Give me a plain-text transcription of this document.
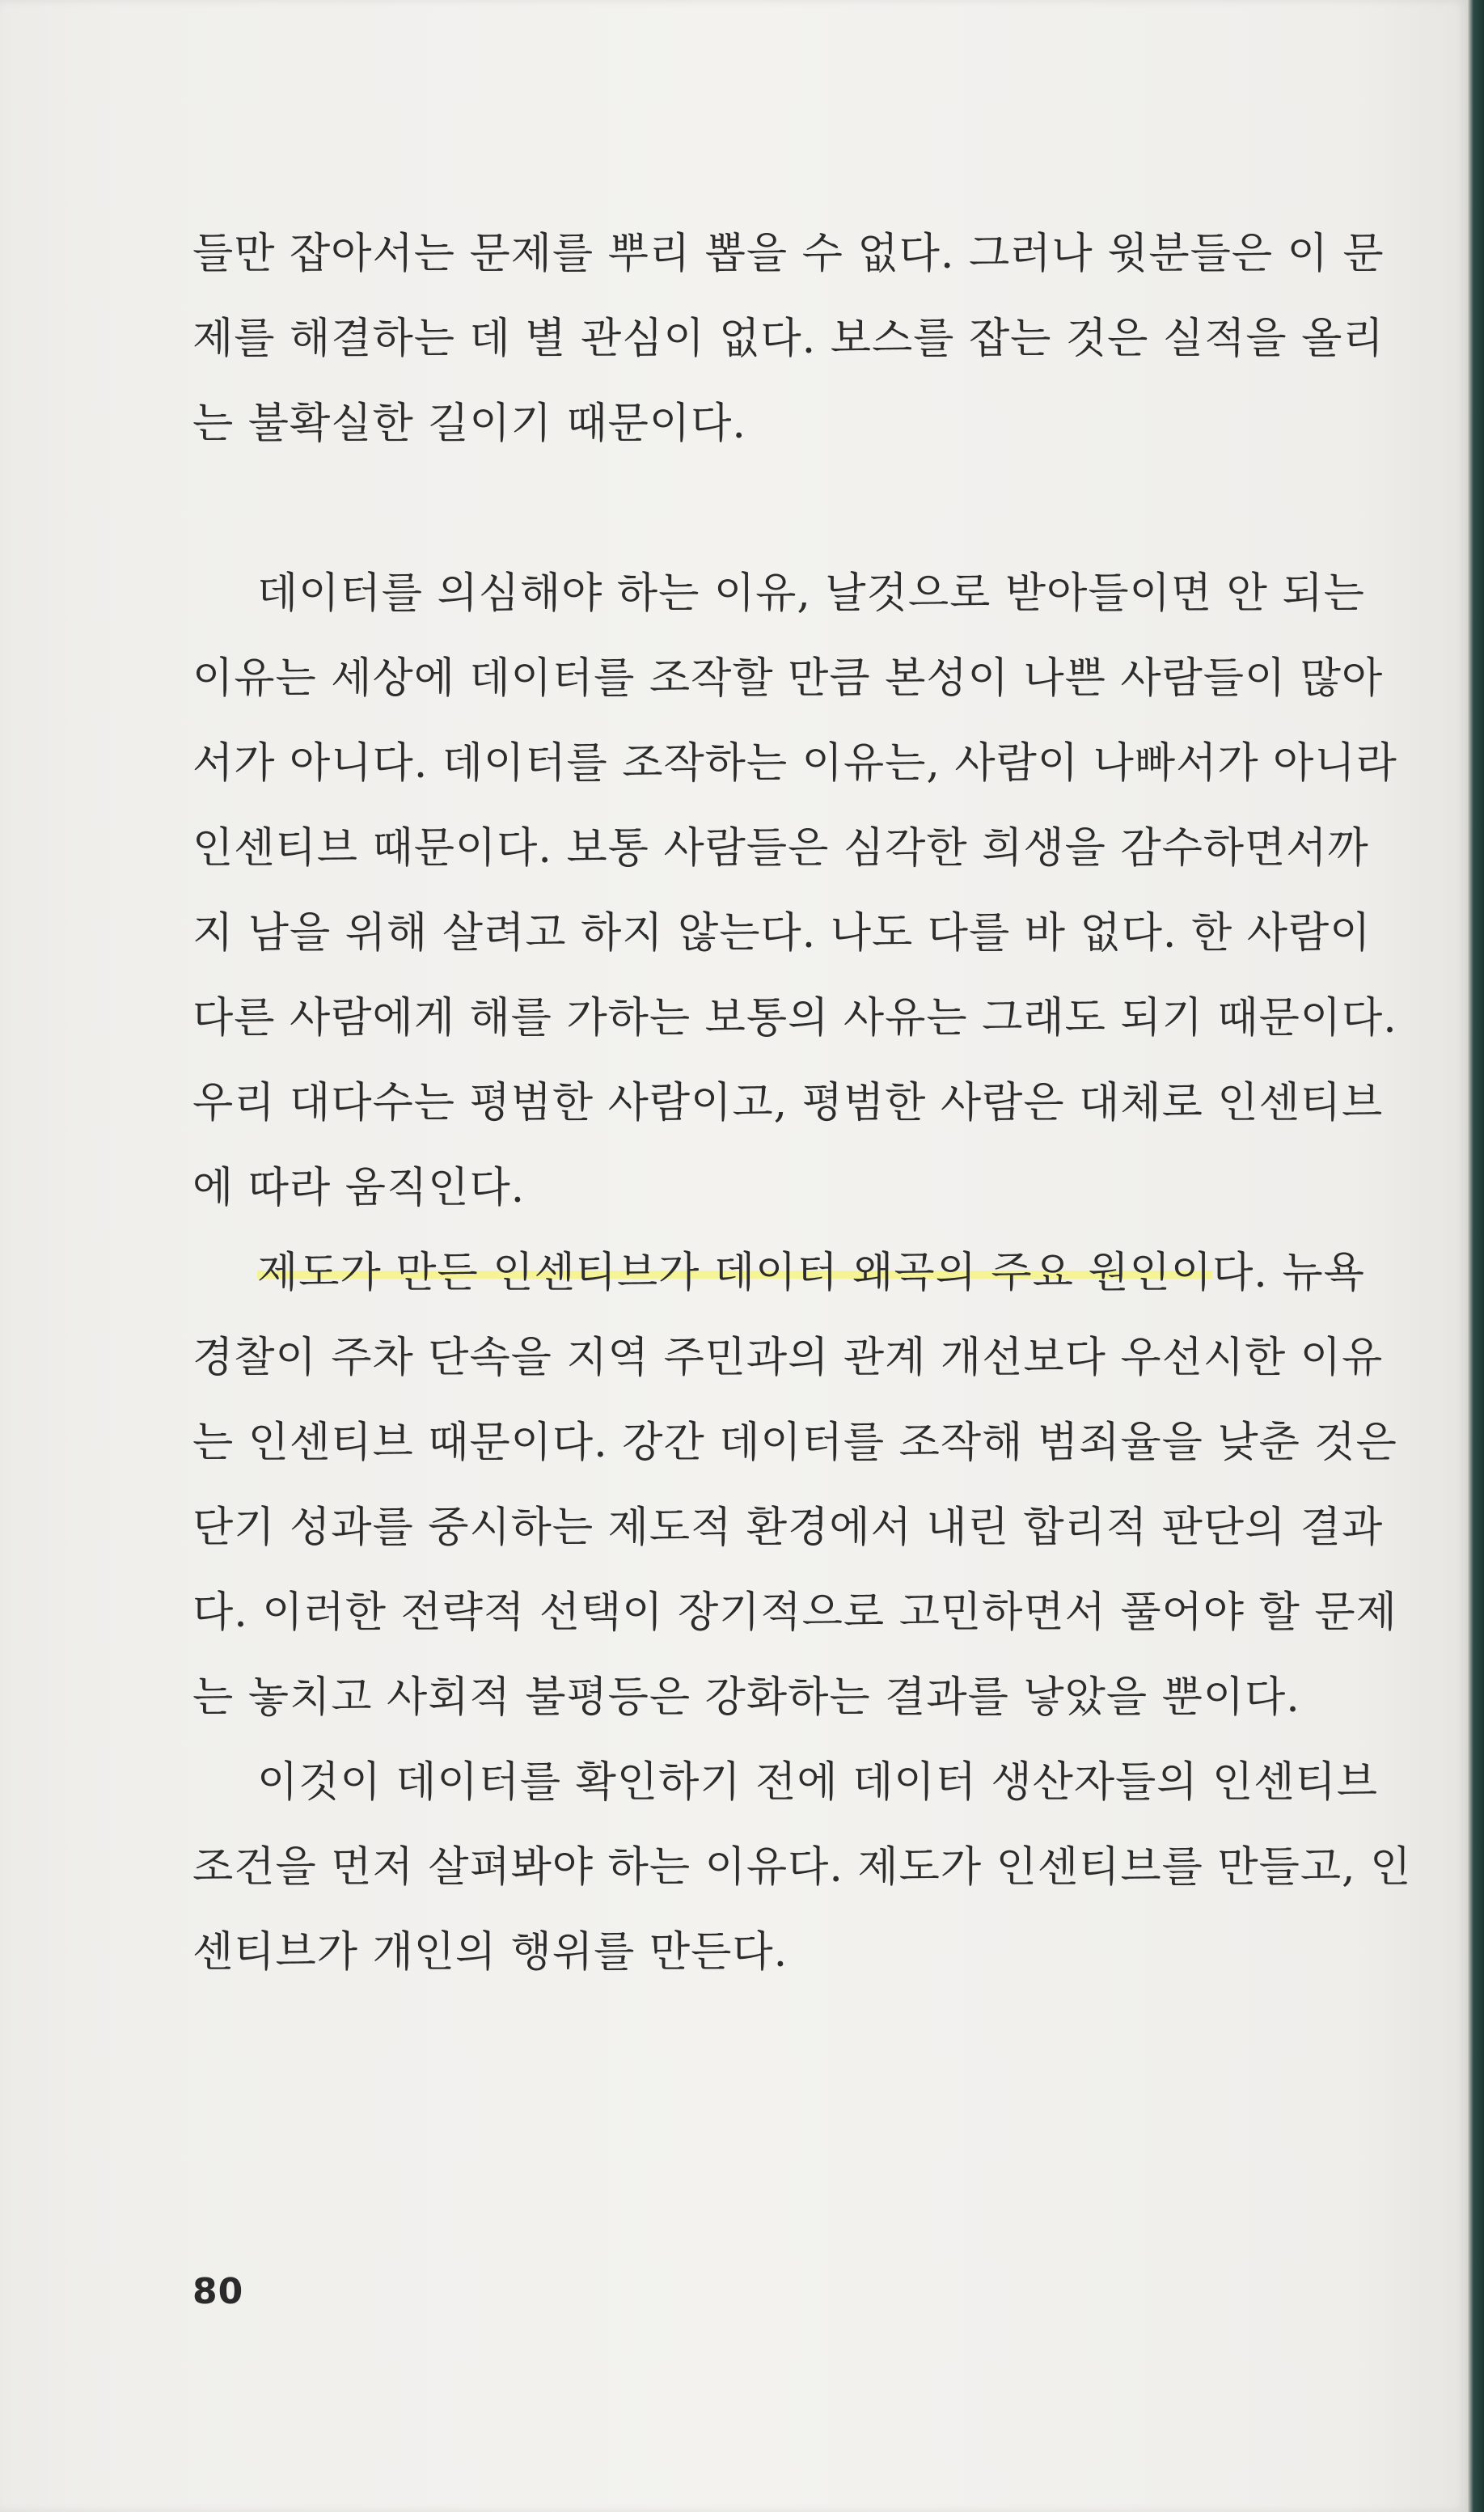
들만 잡아서는 문제를 뿌리 뽑을 수 없다. 그러나 윗분들은 이 문
제를 해결하는 데 별 관심이 없다. 보스를 잡는 것은 실적을 올리
는 불확실한 길이기 때문이다.

데이터를 의심해야 하는 이유, 날것으로 받아들이면 안 되는
이유는 세상에 데이터를 조작할 만큼 본성이 나쁜 사람들이 많아
서가 아니다. 데이터를 조작하는 이유는, 사람이 나빠서가 아니라
인센티브 때문이다. 보통 사람들은 심각한 희생을 감수하면서까
지 남을 위해 살려고 하지 않는다. 나도 다를 바 없다. 한 사람이
다른 사람에게 해를 가하는 보통의 사유는 그래도 되기 때문이다.
우리 대다수는 평범한 사람이고, 평범한 사람은 대체로 인센티브
에 따라 움직인다.

제도가 만든 인센티브가 데이터 왜곡의 주요 원인이다. 뉴욕
경찰이 주차 단속을 지역 주민과의 관계 개선보다 우선시한 이유
는 인센티브 때문이다. 강간 데이터를 조작해 범죄율을 낮춘 것은
단기 성과를 중시하는 제도적 환경에서 내린 합리적 판단의 결과
다. 이러한 전략적 선택이 장기적으로 고민하면서 풀어야 할 문제
는 놓치고 사회적 불평등은 강화하는 결과를 낳았을 뿐이다.

이것이 데이터를 확인하기 전에 데이터 생산자들의 인센티브
조건을 먼저 살펴봐야 하는 이유다. 제도가 인센티브를 만들고, 인
센티브가 개인의 행위를 만든다.

80
